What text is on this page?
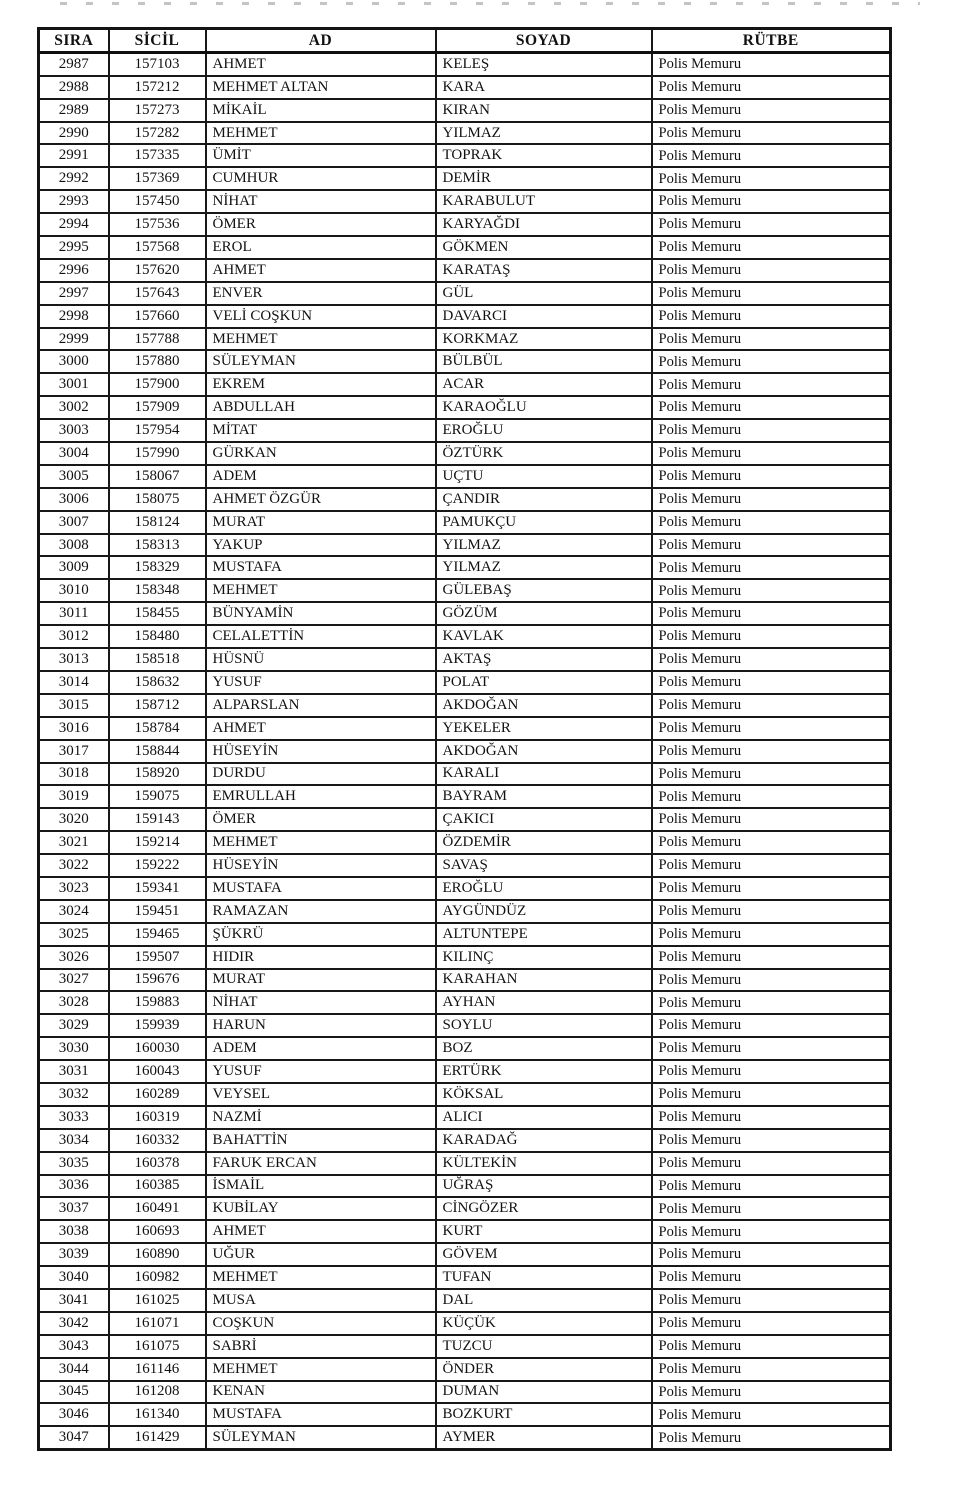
SIRA	SİCİL	AD	SOYAD	RÜTBE
2987	157103	AHMET	KELEŞ	Polis Memuru
2988	157212	MEHMET ALTAN	KARA	Polis Memuru
2989	157273	MİKAİL	KIRAN	Polis Memuru
2990	157282	MEHMET	YILMAZ	Polis Memuru
2991	157335	ÜMİT	TOPRAK	Polis Memuru
2992	157369	CUMHUR	DEMİR	Polis Memuru
2993	157450	NİHAT	KARABULUT	Polis Memuru
2994	157536	ÖMER	KARYAĞDI	Polis Memuru
2995	157568	EROL	GÖKMEN	Polis Memuru
2996	157620	AHMET	KARATAŞ	Polis Memuru
2997	157643	ENVER	GÜL	Polis Memuru
2998	157660	VELİ COŞKUN	DAVARCI	Polis Memuru
2999	157788	MEHMET	KORKMAZ	Polis Memuru
3000	157880	SÜLEYMAN	BÜLBÜL	Polis Memuru
3001	157900	EKREM	ACAR	Polis Memuru
3002	157909	ABDULLAH	KARAOĞLU	Polis Memuru
3003	157954	MİTAT	EROĞLU	Polis Memuru
3004	157990	GÜRKAN	ÖZTÜRK	Polis Memuru
3005	158067	ADEM	UÇTU	Polis Memuru
3006	158075	AHMET ÖZGÜR	ÇANDIR	Polis Memuru
3007	158124	MURAT	PAMUKÇU	Polis Memuru
3008	158313	YAKUP	YILMAZ	Polis Memuru
3009	158329	MUSTAFA	YILMAZ	Polis Memuru
3010	158348	MEHMET	GÜLEBAŞ	Polis Memuru
3011	158455	BÜNYAMİN	GÖZÜM	Polis Memuru
3012	158480	CELALETTİN	KAVLAK	Polis Memuru
3013	158518	HÜSNÜ	AKTAŞ	Polis Memuru
3014	158632	YUSUF	POLAT	Polis Memuru
3015	158712	ALPARSLAN	AKDOĞAN	Polis Memuru
3016	158784	AHMET	YEKELER	Polis Memuru
3017	158844	HÜSEYİN	AKDOĞAN	Polis Memuru
3018	158920	DURDU	KARALI	Polis Memuru
3019	159075	EMRULLAH	BAYRAM	Polis Memuru
3020	159143	ÖMER	ÇAKICI	Polis Memuru
3021	159214	MEHMET	ÖZDEMİR	Polis Memuru
3022	159222	HÜSEYİN	SAVAŞ	Polis Memuru
3023	159341	MUSTAFA	EROĞLU	Polis Memuru
3024	159451	RAMAZAN	AYGÜNDÜZ	Polis Memuru
3025	159465	ŞÜKRÜ	ALTUNTEPE	Polis Memuru
3026	159507	HIDIR	KILINÇ	Polis Memuru
3027	159676	MURAT	KARAHAN	Polis Memuru
3028	159883	NİHAT	AYHAN	Polis Memuru
3029	159939	HARUN	SOYLU	Polis Memuru
3030	160030	ADEM	BOZ	Polis Memuru
3031	160043	YUSUF	ERTÜRK	Polis Memuru
3032	160289	VEYSEL	KÖKSAL	Polis Memuru
3033	160319	NAZMİ	ALICI	Polis Memuru
3034	160332	BAHATTİN	KARADAĞ	Polis Memuru
3035	160378	FARUK ERCAN	KÜLTEKİN	Polis Memuru
3036	160385	İSMAİL	UĞRAŞ	Polis Memuru
3037	160491	KUBİLAY	CİNGÖZER	Polis Memuru
3038	160693	AHMET	KURT	Polis Memuru
3039	160890	UĞUR	GÖVEM	Polis Memuru
3040	160982	MEHMET	TUFAN	Polis Memuru
3041	161025	MUSA	DAL	Polis Memuru
3042	161071	COŞKUN	KÜÇÜK	Polis Memuru
3043	161075	SABRİ	TUZCU	Polis Memuru
3044	161146	MEHMET	ÖNDER	Polis Memuru
3045	161208	KENAN	DUMAN	Polis Memuru
3046	161340	MUSTAFA	BOZKURT	Polis Memuru
3047	161429	SÜLEYMAN	AYMER	Polis Memuru
